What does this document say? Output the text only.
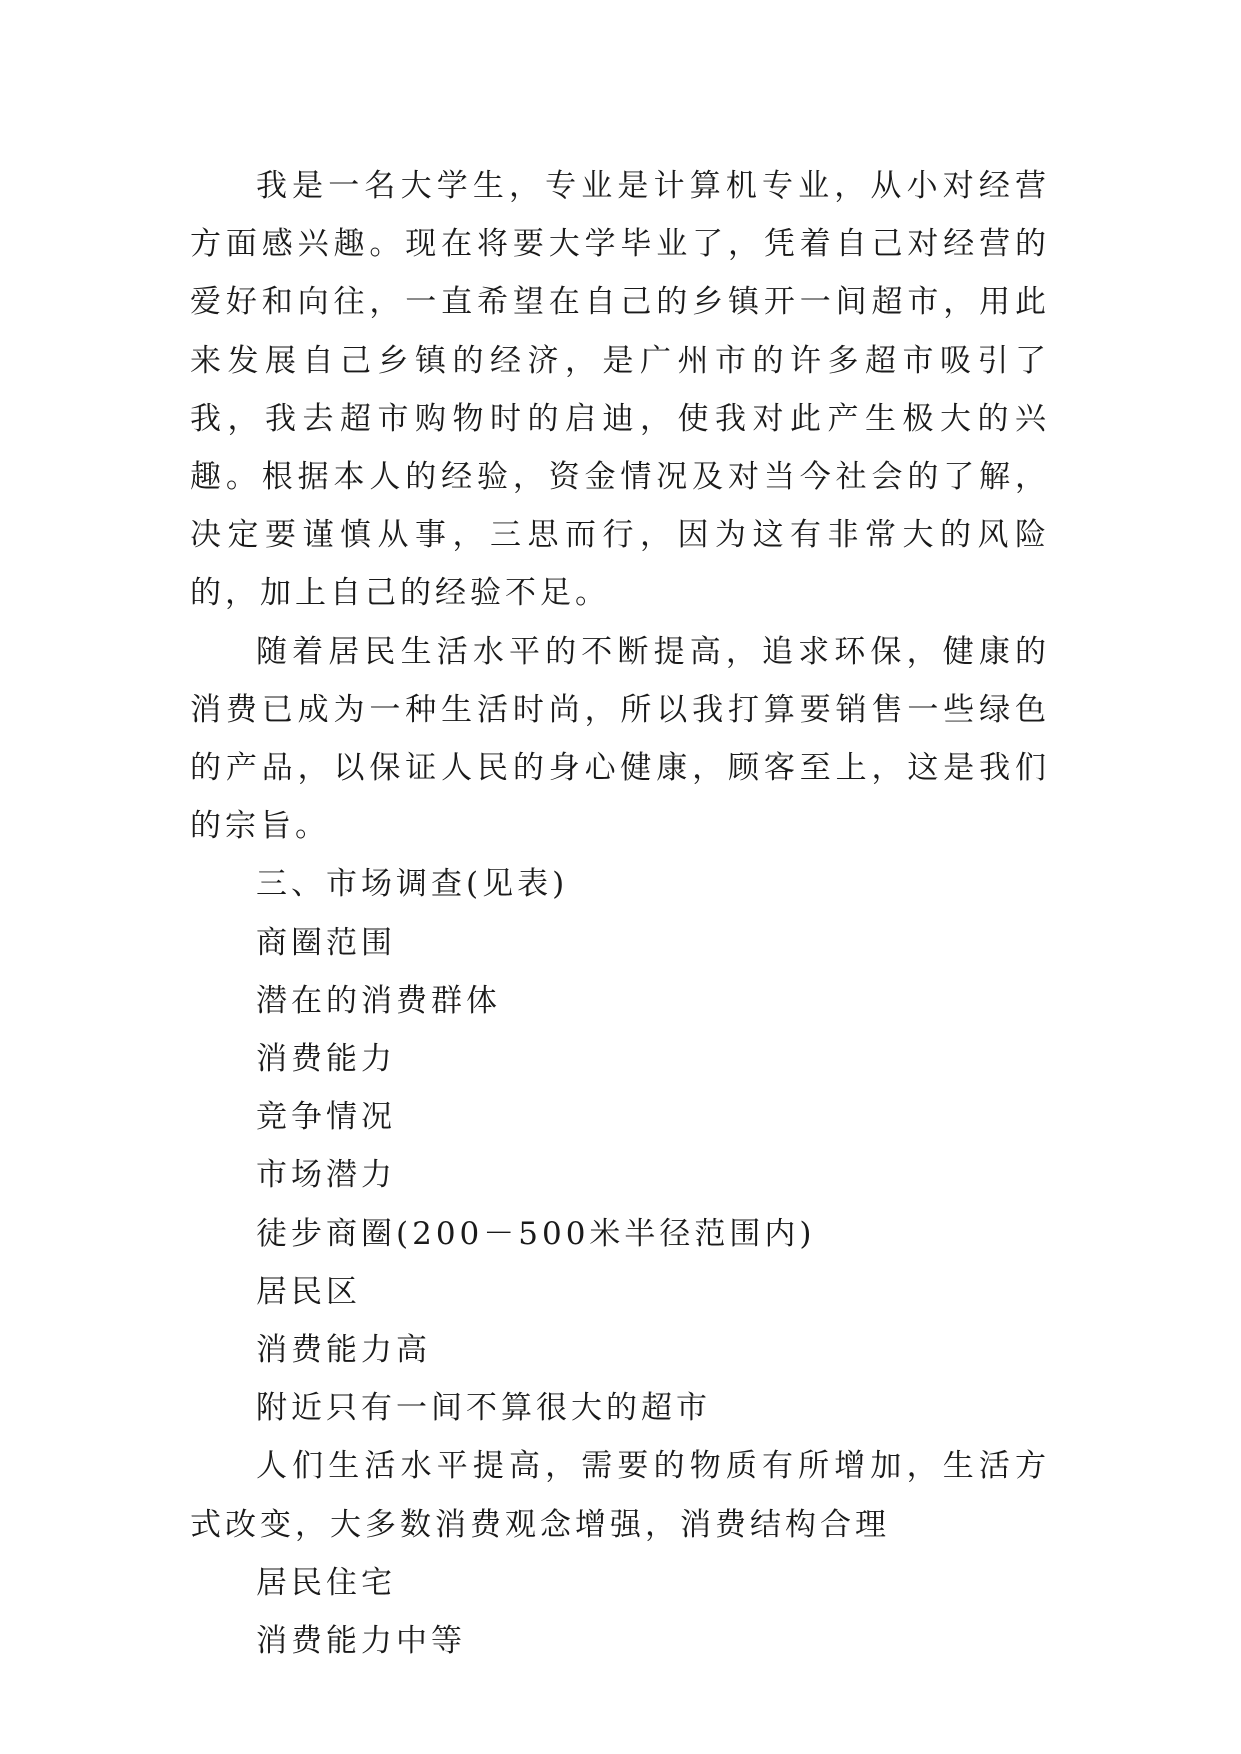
我是一名大学生，专业是计算机专业，从小对经营方面感兴趣。现在将要大学毕业了，凭着自己对经营的爱好和向往，一直希望在自己的乡镇开一间超市，用此来发展自己乡镇的经济，是广州市的许多超市吸引了我，我去超市购物时的启迪，使我对此产生极大的兴趣。根据本人的经验，资金情况及对当今社会的了解，决定要谨慎从事，三思而行，因为这有非常大的风险的，加上自己的经验不足。

随着居民生活水平的不断提高，追求环保，健康的消费已成为一种生活时尚，所以我打算要销售一些绿色的产品，以保证人民的身心健康，顾客至上，这是我们的宗旨。

三、市场调查(见表)

商圈范围

潜在的消费群体

消费能力

竞争情况

市场潜力

徒步商圈(200－500米半径范围内)

居民区

消费能力高

附近只有一间不算很大的超市

人们生活水平提高，需要的物质有所增加，生活方式改变，大多数消费观念增强，消费结构合理

居民住宅

消费能力中等
